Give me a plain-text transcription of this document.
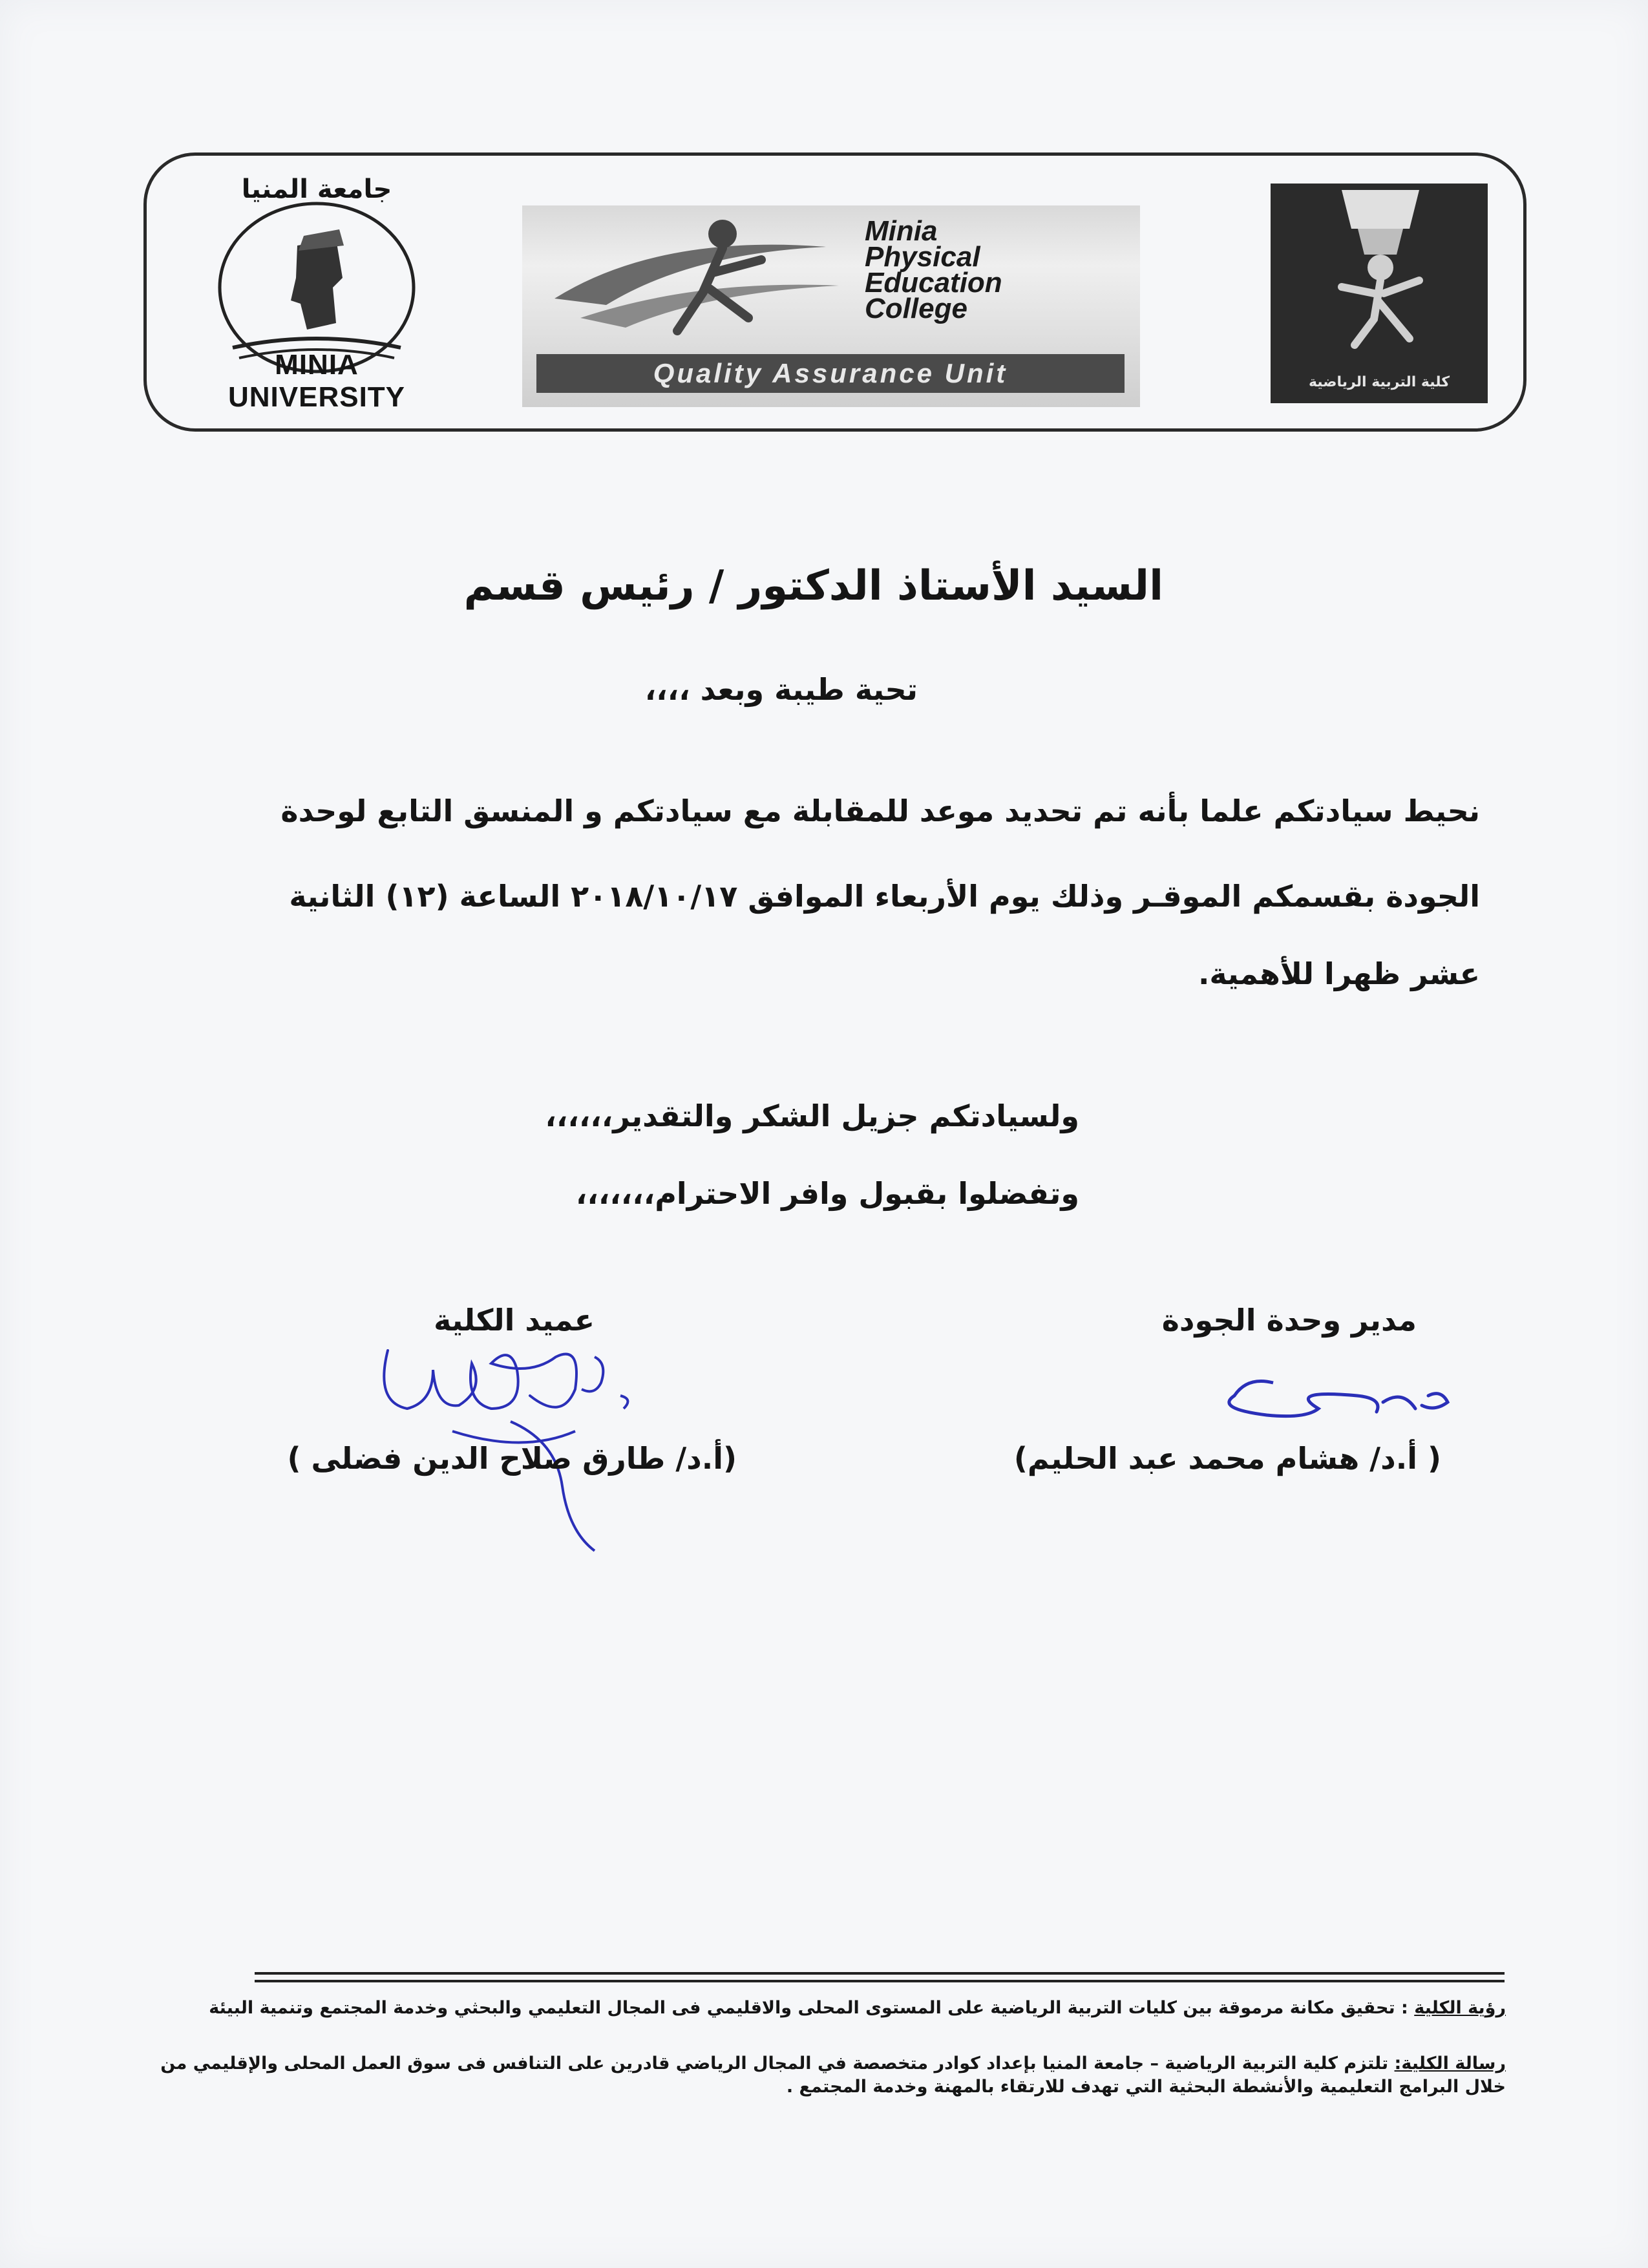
جامعة المنيا
MINIA UNIVERSITY
Minia
Physical
Education
College
Quality Assurance Unit	كلية التربية الرياضية
السيد الأستاذ الدكتور / رئيس قسم
تحية طيبة وبعد ،،،،
نحيط سيادتكم علما بأنه تم تحديد موعد للمقابلة مع سيادتكم و المنسق التابع لوحدة
الجودة بقسمكم الموقـر وذلك يوم الأربعاء الموافق ٢٠١٨/١٠/١٧ الساعة (١٢) الثانية
عشر ظهرا للأهمية.
ولسيادتكم جزيل الشكر والتقدير،،،،،،
وتفضلوا بقبول وافر الاحترام،،،،،،،
مدير وحدة الجودة
( أ.د/ هشام محمد عبد الحليم)
عميد الكلية
(أ.د/ طارق صلاح الدين فضلى )
رؤية الكلية : تحقيق مكانة مرموقة بين كليات التربية الرياضية على المستوى المحلى والاقليمي فى المجال التعليمي والبحثي وخدمة المجتمع وتنمية البيئة
رسالة الكلية: تلتزم كلية التربية الرياضية – جامعة المنيا بإعداد كوادر متخصصة في المجال الرياضي قادرين على التنافس فى سوق العمل المحلى والإقليمي من خلال البرامج التعليمية والأنشطة البحثية التي تهدف للارتقاء بالمهنة وخدمة المجتمع .
